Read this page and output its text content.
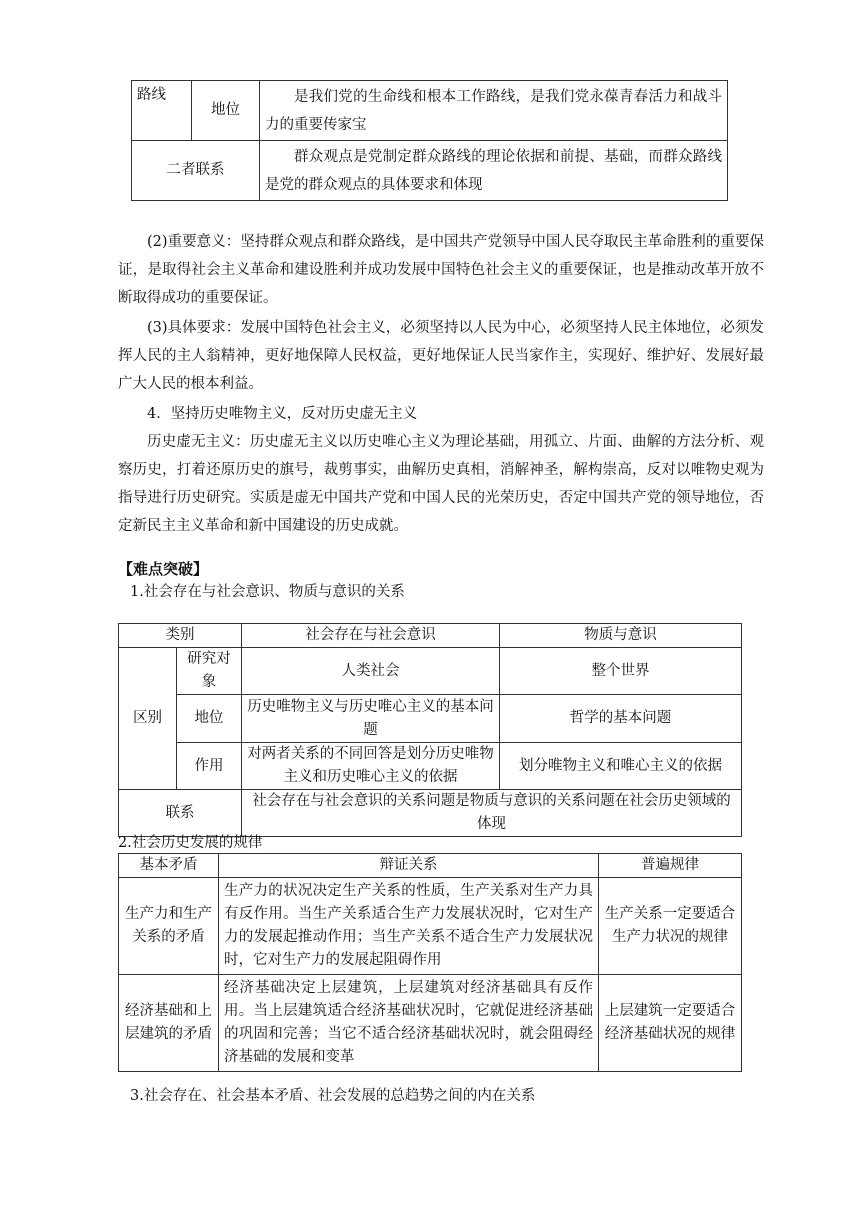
路线	地位	是我们党的生命线和根本工作路线，是我们党永葆青春活力和战斗力的重要传家宝
二者联系		群众观点是党制定群众路线的理论依据和前提、基础，而群众路线是党的群众观点的具体要求和体现
(2)重要意义：坚持群众观点和群众路线，是中国共产党领导中国人民夺取民主革命胜利的重要保证，是取得社会主义革命和建设胜利并成功发展中国特色社会主义的重要保证，也是推动改革开放不断取得成功的重要保证。
(3)具体要求：发展中国特色社会主义，必须坚持以人民为中心，必须坚持人民主体地位，必须发挥人民的主人翁精神，更好地保障人民权益，更好地保证人民当家作主，实现好、维护好、发展好最广大人民的根本利益。
4．坚持历史唯物主义，反对历史虚无主义
历史虚无主义：历史虚无主义以历史唯心主义为理论基础，用孤立、片面、曲解的方法分析、观察历史，打着还原历史的旗号，裁剪事实，曲解历史真相，消解神圣，解构崇高，反对以唯物史观为指导进行历史研究。实质是虚无中国共产党和中国人民的光荣历史，否定中国共产党的领导地位，否定新民主主义革命和新中国建设的历史成就。
【难点突破】
1.社会存在与社会意识、物质与意识的关系
类别		社会存在与社会意识	物质与意识
区别	研究对象	人类社会	整个世界
	地位	历史唯物主义与历史唯心主义的基本问题	哲学的基本问题
	作用	对两者关系的不同回答是划分历史唯物主义和历史唯心主义的依据	划分唯物主义和唯心主义的依据
联系		社会存在与社会意识的关系问题是物质与意识的关系问题在社会历史领域的体现	
2.社会历史发展的规律
基本矛盾	辩证关系	普遍规律
生产力和生产关系的矛盾	生产力的状况决定生产关系的性质，生产关系对生产力具有反作用。当生产关系适合生产力发展状况时，它对生产力的发展起推动作用；当生产关系不适合生产力发展状况时，它对生产力的发展起阻碍作用	生产关系一定要适合生产力状况的规律
经济基础和上层建筑的矛盾	经济基础决定上层建筑，上层建筑对经济基础具有反作用。当上层建筑适合经济基础状况时，它就促进经济基础的巩固和完善；当它不适合经济基础状况时，就会阻碍经济基础的发展和变革	上层建筑一定要适合经济基础状况的规律
3.社会存在、社会基本矛盾、社会发展的总趋势之间的内在关系
